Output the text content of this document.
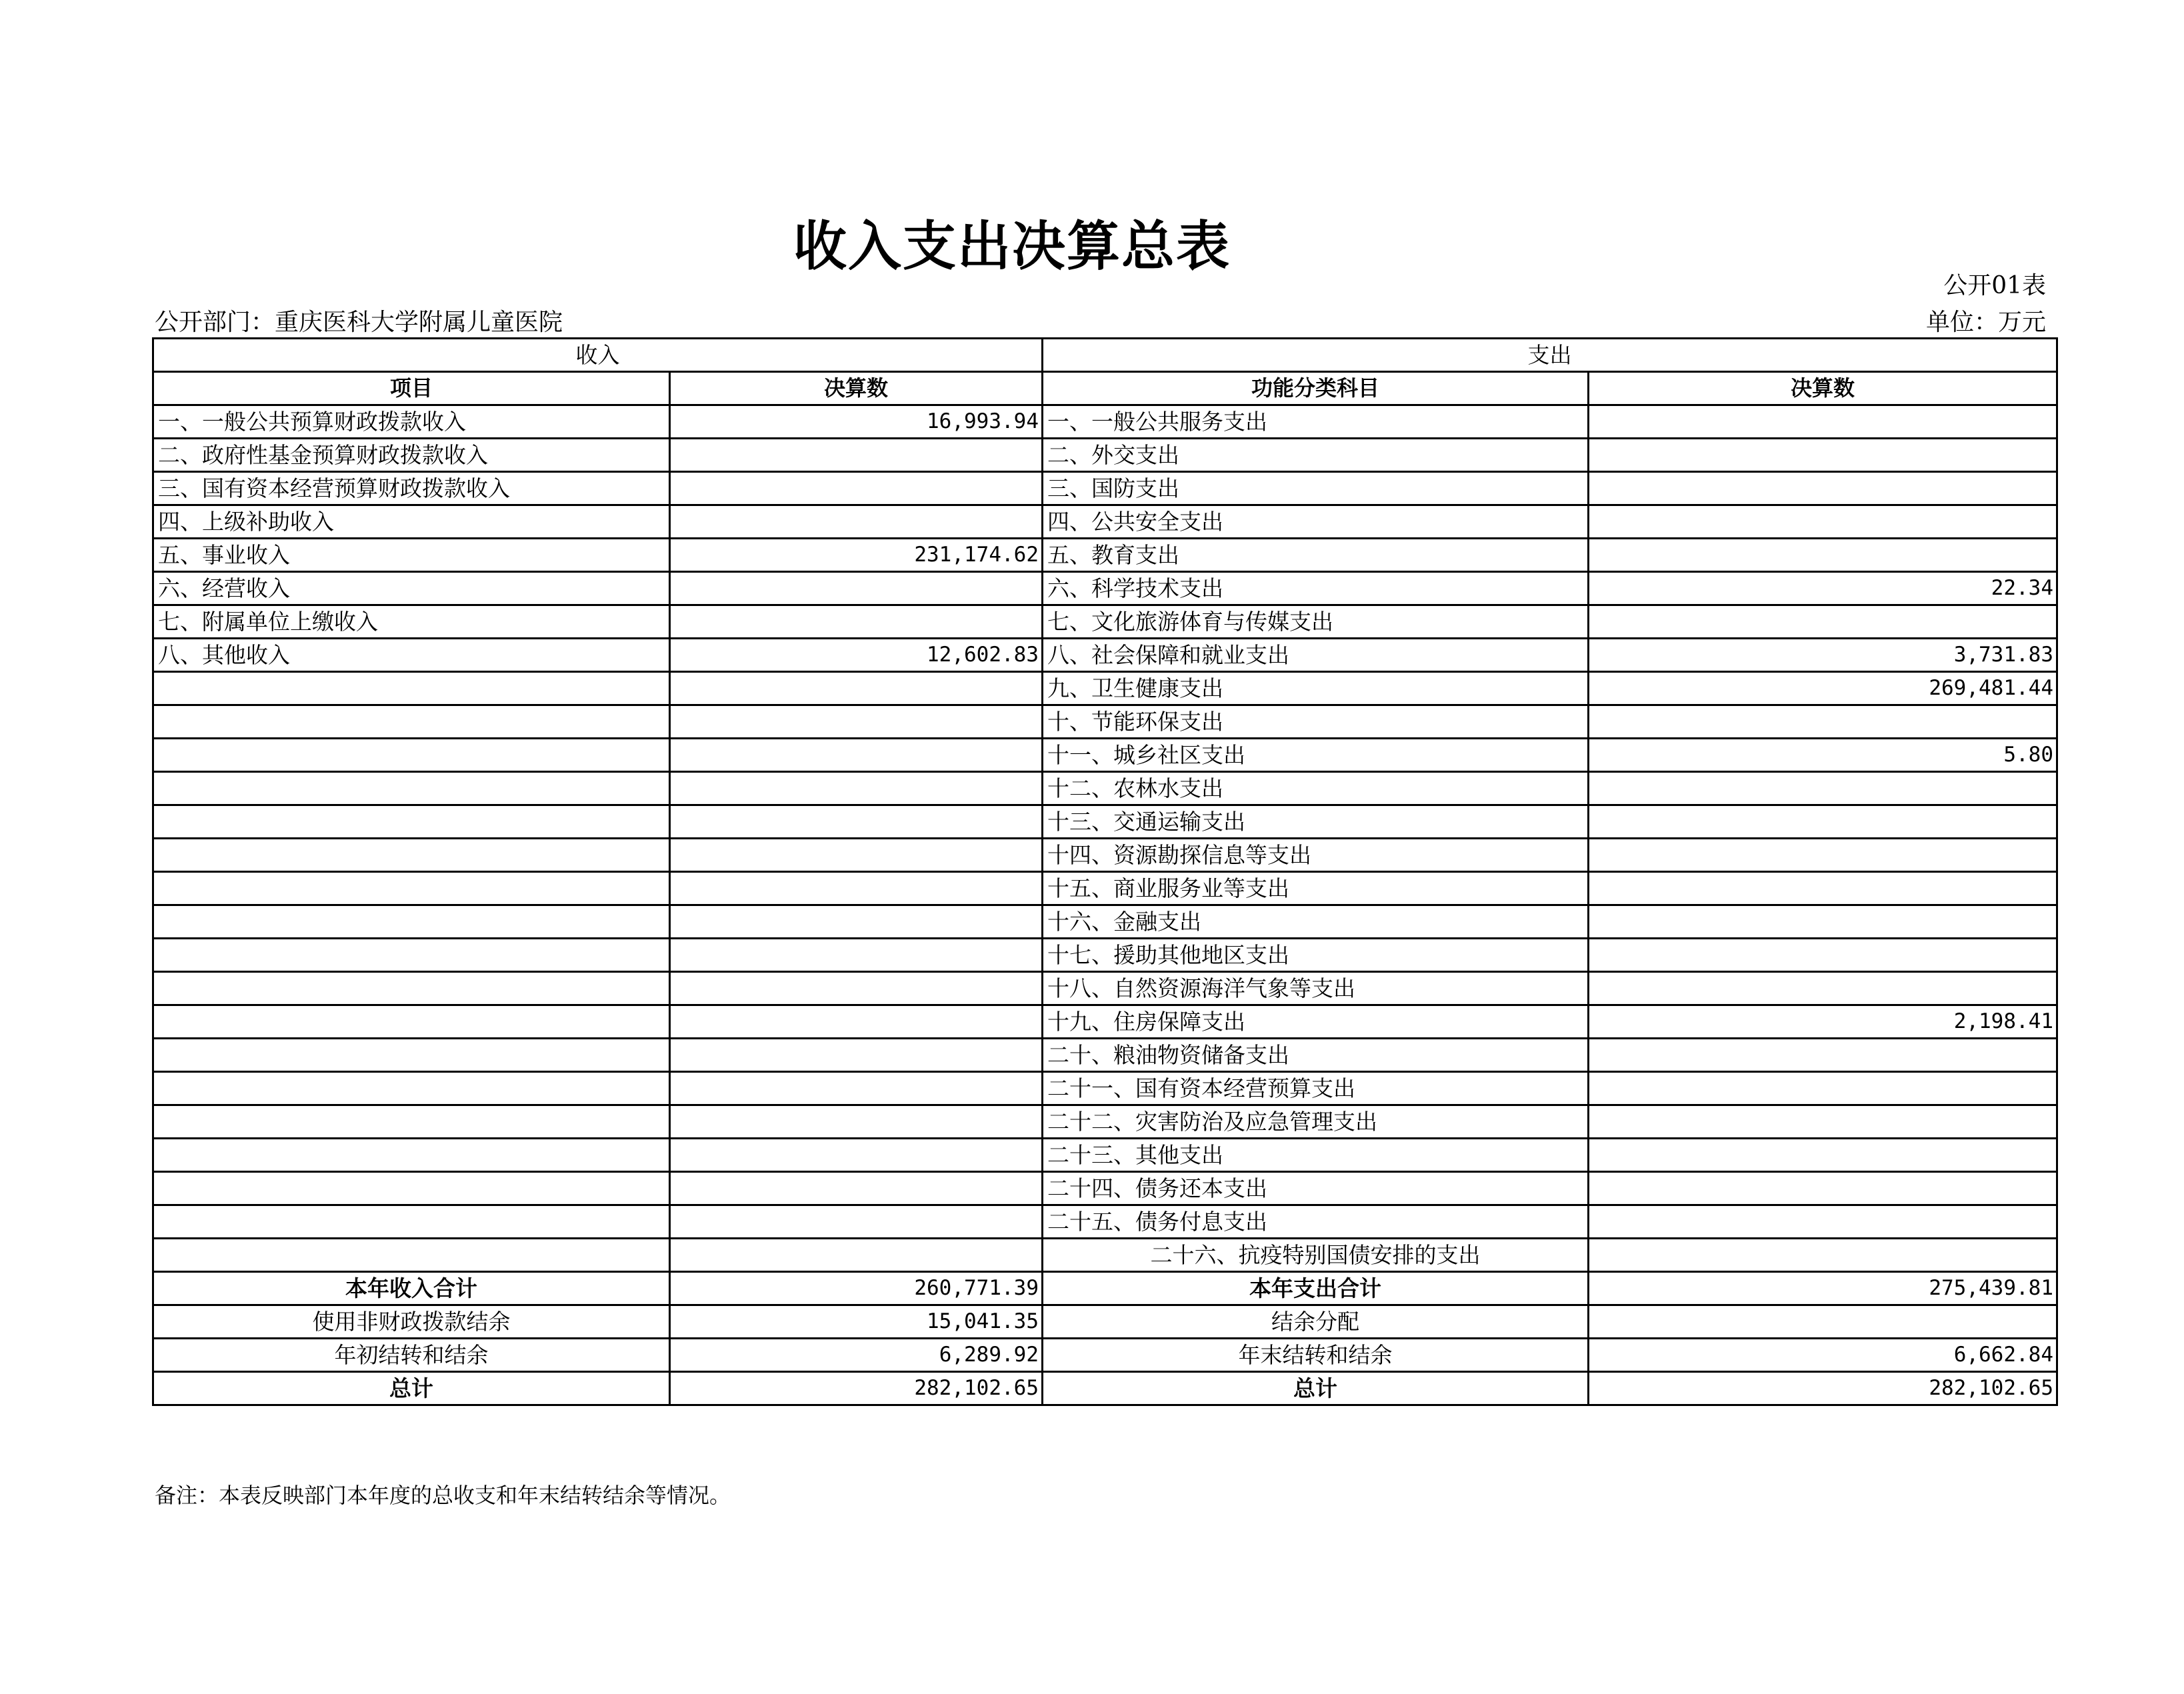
收入支出决算总表
公开01表
公开部门：重庆医科大学附属儿童医院	单位：万元
收入		支出	
项目	决算数	功能分类科目	决算数
一、一般公共预算财政拨款收入	16,993.94	一、一般公共服务支出	
二、政府性基金预算财政拨款收入		二、外交支出	
三、国有资本经营预算财政拨款收入		三、国防支出	
四、上级补助收入		四、公共安全支出	
五、事业收入	231,174.62	五、教育支出	
六、经营收入		六、科学技术支出	22.34
七、附属单位上缴收入		七、文化旅游体育与传媒支出	
八、其他收入	12,602.83	八、社会保障和就业支出	3,731.83
		九、卫生健康支出	269,481.44
		十、节能环保支出	
		十一、城乡社区支出	5.80
		十二、农林水支出	
		十三、交通运输支出	
		十四、资源勘探信息等支出	
		十五、商业服务业等支出	
		十六、金融支出	
		十七、援助其他地区支出	
		十八、自然资源海洋气象等支出	
		十九、住房保障支出	2,198.41
		二十、粮油物资储备支出	
		二十一、国有资本经营预算支出	
		二十二、灾害防治及应急管理支出	
		二十三、其他支出	
		二十四、债务还本支出	
		二十五、债务付息支出	
		二十六、抗疫特别国债安排的支出	
本年收入合计	260,771.39	本年支出合计	275,439.81
使用非财政拨款结余	15,041.35	结余分配	
年初结转和结余	6,289.92	年末结转和结余	6,662.84
总计	282,102.65	总计	282,102.65
备注：本表反映部门本年度的总收支和年末结转结余等情况。
